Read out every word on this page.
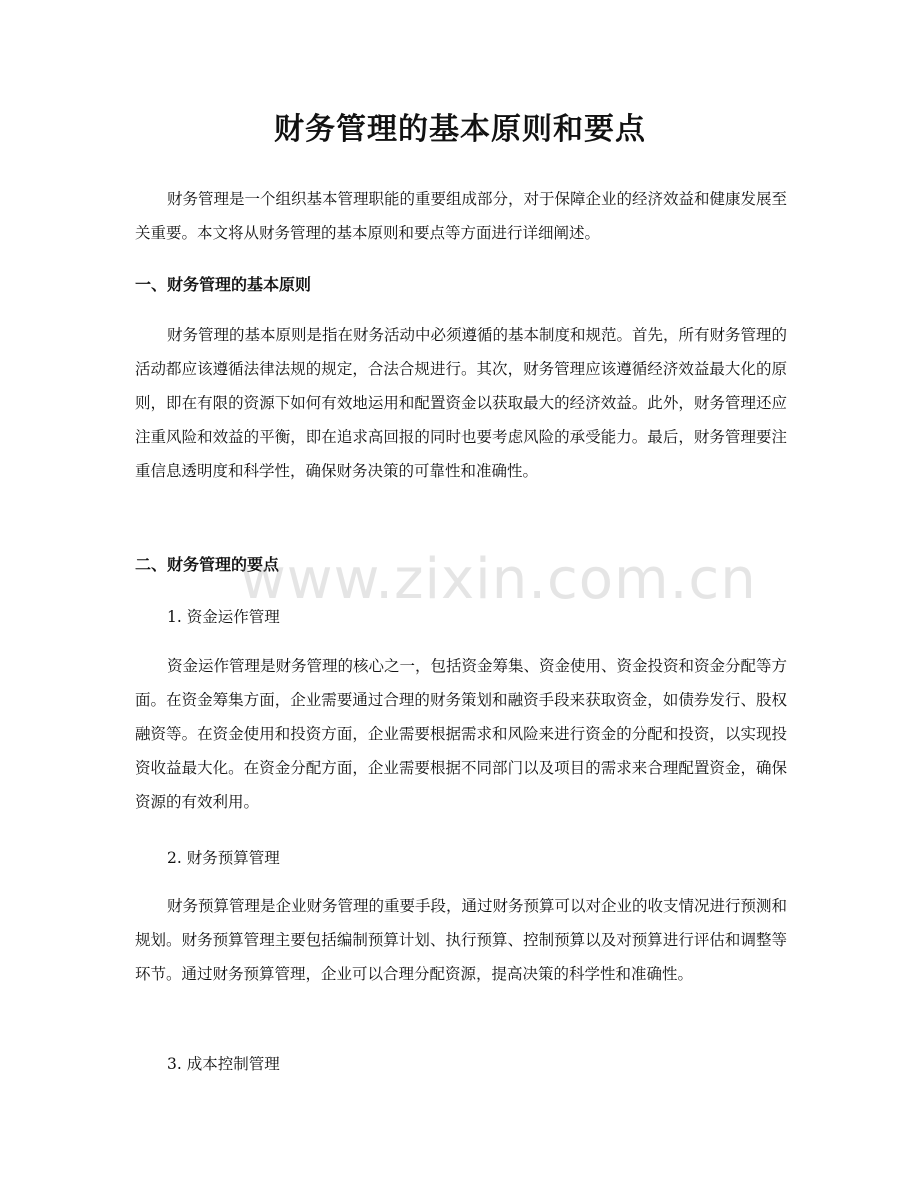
财务管理的基本原则和要点

财务管理是一个组织基本管理职能的重要组成部分，对于保障企业的经济效益和健康发展至关重要。本文将从财务管理的基本原则和要点等方面进行详细阐述。

一、财务管理的基本原则

财务管理的基本原则是指在财务活动中必须遵循的基本制度和规范。首先，所有财务管理的活动都应该遵循法律法规的规定，合法合规进行。其次，财务管理应该遵循经济效益最大化的原则，即在有限的资源下如何有效地运用和配置资金以获取最大的经济效益。此外，财务管理还应注重风险和效益的平衡，即在追求高回报的同时也要考虑风险的承受能力。最后，财务管理要注重信息透明度和科学性，确保财务决策的可靠性和准确性。

二、财务管理的要点

1. 资金运作管理

资金运作管理是财务管理的核心之一，包括资金筹集、资金使用、资金投资和资金分配等方面。在资金筹集方面，企业需要通过合理的财务策划和融资手段来获取资金，如债券发行、股权融资等。在资金使用和投资方面，企业需要根据需求和风险来进行资金的分配和投资，以实现投资收益最大化。在资金分配方面，企业需要根据不同部门以及项目的需求来合理配置资金，确保资源的有效利用。

2. 财务预算管理

财务预算管理是企业财务管理的重要手段，通过财务预算可以对企业的收支情况进行预测和规划。财务预算管理主要包括编制预算计划、执行预算、控制预算以及对预算进行评估和调整等环节。通过财务预算管理，企业可以合理分配资源，提高决策的科学性和准确性。

3. 成本控制管理

www.zixin.com.cn
